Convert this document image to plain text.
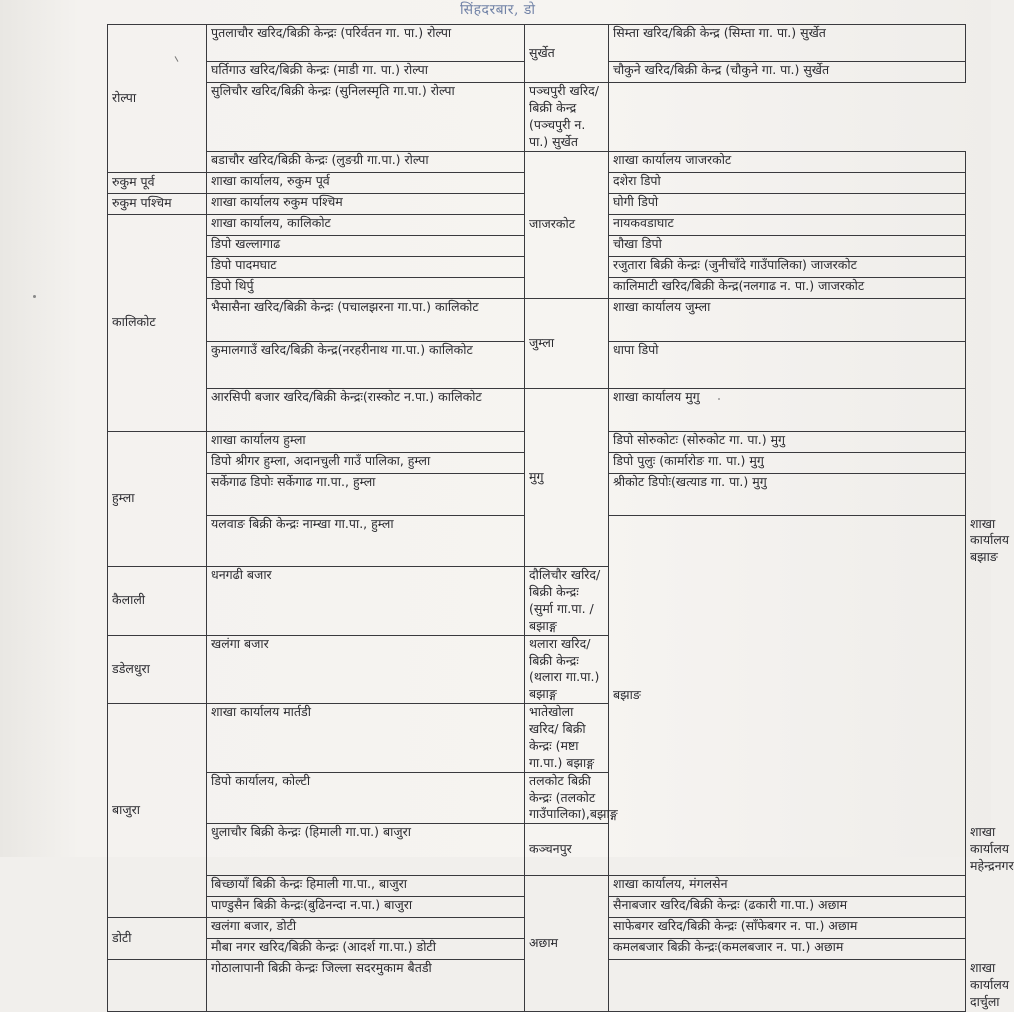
सिंहदरबार, डो
रोल्पा	पुतलाचौर खरिद/बिक्री केन्द्रः (परिर्वतन गा. पा.) रोल्पा	सुर्खेत	सिम्ता खरिद/बिक्री केन्द्र (सिम्ता गा. पा.) सुर्खेत	

	घर्तिगाउ खरिद/बिक्री केन्द्रः (माडी गा. पा.) रोल्पा		चौकुने खरिद/बिक्री केन्द्र (चौकुने गा. पा.) सुर्खेत	
	सुलिचौर खरिद/बिक्री केन्द्रः (सुनिलस्मृति गा.पा.) रोल्पा	पञ्चपुरी खरिद/बिक्री केन्द्र (पञ्चपुरी न. पा.) सुर्खेत		

	बडाचौर खरिद/बिक्री केन्द्रः (लुङग्री गा.पा.) रोल्पा	जाजरकोट	शाखा कार्यालय जाजरकोट	
रुकुम पूर्व	शाखा कार्यालय, रुकुम पूर्व		दशेरा डिपो	
रुकुम पश्चिम	शाखा कार्यालय रुकुम पश्चिम		घोगी डिपो	
कालिकोट	शाखा कार्यालय, कालिकोट		नायकवडाघाट	
	डिपो खल्लागाढ		चौखा डिपो	
	डिपो पादमघाट		रजुतारा बिक्री केन्द्रः (जुनीचाँदे गाउँपालिका) जाजरकोट	
	डिपो थिर्पु		कालिमाटी खरिद/बिक्री केन्द्र(नलगाढ न. पा.) जाजरकोट	
	भैसासैना खरिद/बिक्री केन्द्रः (पचालझरना गा.पा.) कालिकोट	जुम्ला	शाखा कार्यालय जुम्ला	

	कुमालगाउँ खरिद/बिक्री केन्द्र(नरहरीनाथ गा.पा.) कालिकोट		धापा डिपो	

	आरसिपी बजार खरिद/बिक्री केन्द्रः(रास्कोट न.पा.) कालिकोट	मुगु	शाखा कार्यालय मुगु	

हुम्ला	शाखा कार्यालय हुम्ला		डिपो सोरुकोटः (सोरुकोट गा. पा.) मुगु	
	डिपो श्रीगर हुम्ला, अदानचुली गाउँ पालिका, हुम्ला		डिपो पुलुः (कार्मारोङ गा. पा.) मुगु	
	सर्केगाढ डिपोः सर्केगाढ गा.पा., हुम्ला		श्रीकोट डिपोः(खत्याड गा. पा.) मुगु	

	यलवाङ बिक्री केन्द्रः नाम्खा गा.पा., हुम्ला		बझाङ	शाखा कार्यालय बझाङ
कैलाली	धनगढी बजार	दौलिचौर खरिद/ बिक्री केन्द्रः (सुर्मा गा.पा. /बझाङ्ग		
डडेलधुरा	खलंगा बजार	थलारा खरिद/बिक्री केन्द्रः (थलारा गा.पा.) बझाङ्ग		
बाजुरा	शाखा कार्यालय मार्तडी	भातेखोला खरिद/ बिक्री केन्द्रः (मष्टा गा.पा.) बझाङ्ग		
	डिपो कार्यालय, कोल्टी	तलकोट बिक्री केन्द्रः (तलकोट गाउँपालिका),बझाङ्ग		
	धुलाचौर बिक्री केन्द्रः (हिमाली गा.पा.) बाजुरा	कञ्चनपुर		शाखा कार्यालय महेन्द्रनगर
	बिच्छायाँ बिक्री केन्द्रः हिमाली गा.पा., बाजुरा	अछाम	शाखा कार्यालय, मंगलसेन	
	पाण्डुसैन बिक्री केन्द्रः(बुढिनन्दा न.पा.) बाजुरा		सैनाबजार खरिद/बिक्री केन्द्रः (ढकारी गा.पा.) अछाम	
डोटी	खलंगा बजार, डोटी		साफेबगर खरिद/बिक्री केन्द्रः (साँफेबगर न. पा.) अछाम	
	मौबा नगर खरिद/बिक्री केन्द्रः (आदर्श गा.पा.) डोटी		कमलबजार बिक्री केन्द्रः(कमलबजार न. पा.) अछाम	
	गोठालापानी बिक्री केन्द्रः जिल्ला सदरमुकाम बैतडी			शाखा कार्यालय दार्चुला
